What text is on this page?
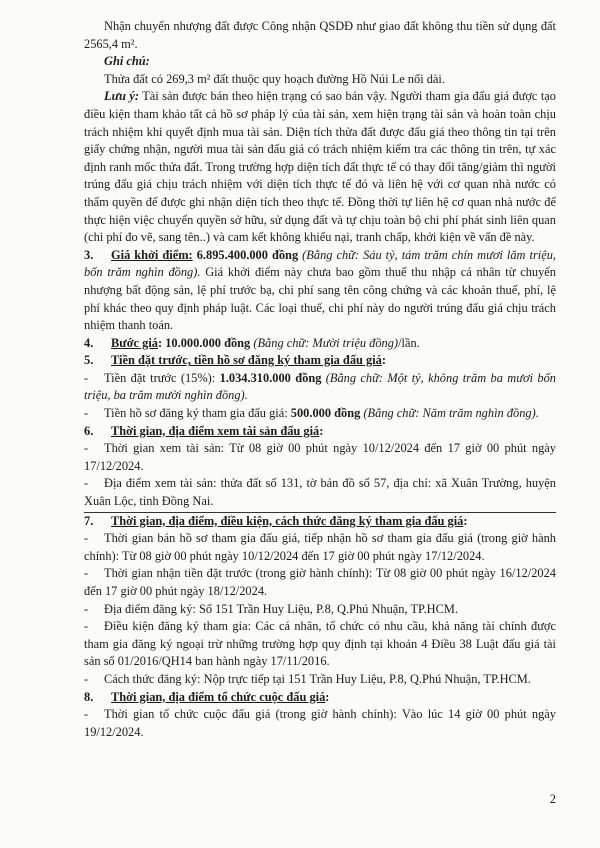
Nhận chuyển nhượng đất được Công nhận QSDĐ như giao đất không thu tiền sử dụng đất 2565,4 m².

Ghi chú:

Thửa đất có 269,3 m² đất thuộc quy hoạch đường Hồ Núi Le nối dài.

Lưu ý: Tài sản được bán theo hiện trạng có sao bán vậy. Người tham gia đấu giá được tạo điều kiện tham khảo tất cả hồ sơ pháp lý của tài sản, xem hiện trạng tài sản và hoàn toàn chịu trách nhiệm khi quyết định mua tài sản. Diện tích thửa đất được đấu giá theo thông tin tại trên giấy chứng nhận, người mua tài sản đấu giá có trách nhiệm kiểm tra các thông tin trên, tự xác định ranh mốc thửa đất. Trong trường hợp diện tích đất thực tế có thay đổi tăng/giảm thì người trúng đấu giá chịu trách nhiệm với diện tích thực tế đó và liên hệ với cơ quan nhà nước có thẩm quyền để được ghi nhận diện tích theo thực tế. Đồng thời tự liên hệ cơ quan nhà nước để thực hiện việc chuyển quyền sở hữu, sử dụng đất và tự chịu toàn bộ chi phí phát sinh liên quan (chi phí đo vẽ, sang tên..) và cam kết không khiếu nại, tranh chấp, khởi kiện về vấn đề này.

3. Giá khởi điểm: 6.895.400.000 đồng (Bằng chữ: Sáu tỷ, tám trăm chín mươi lăm triệu, bốn trăm nghìn đồng). Giá khởi điểm này chưa bao gồm thuế thu nhập cá nhân từ chuyển nhượng bất động sản, lệ phí trước bạ, chi phí sang tên công chứng và các khoản thuế, phí, lệ phí khác theo quy định pháp luật. Các loại thuế, chi phí này do người trúng đấu giá chịu trách nhiệm thanh toán.

4. Bước giá: 10.000.000 đồng (Bằng chữ: Mười triệu đồng)/lần.

5.	Tiền đặt trước, tiền hồ sơ đăng ký tham gia đấu giá :

- Tiền đặt trước (15%): 1.034.310.000 đồng (Bằng chữ: Một tỷ, không trăm ba mươi bốn triệu, ba trăm mười nghìn đồng).

- Tiền hồ sơ đăng ký tham gia đấu giá: 500.000 đồng (Bằng chữ: Năm trăm nghìn đồng).

6.	Thời gian, địa điểm xem tài sản đấu giá :

- Thời gian xem tài sản: Từ 08 giờ 00 phút ngày 10/12/2024 đến 17 giờ 00 phút ngày 17/12/2024.

- Địa điểm xem tài sản: thửa đất số 131, tờ bản đồ số 57, địa chỉ: xã Xuân Trường, huyện Xuân Lộc, tỉnh Đồng Nai.

7.	Thời gian, địa điểm, điều kiện, cách thức đăng ký tham gia đấu giá :

- Thời gian bán hồ sơ tham gia đấu giá, tiếp nhận hồ sơ tham gia đấu giá (trong giờ hành chính): Từ 08 giờ 00 phút ngày 10/12/2024 đến 17 giờ 00 phút ngày 17/12/2024.

- Thời gian nhận tiền đặt trước (trong giờ hành chính): Từ 08 giờ 00 phút ngày 16/12/2024 đến 17 giờ 00 phút ngày 18/12/2024.

- Địa điểm đăng ký: Số 151 Trần Huy Liệu, P.8, Q.Phú Nhuận, TP.HCM.

- Điều kiện đăng ký tham gia: Các cá nhân, tổ chức có nhu cầu, khả năng tài chính được tham gia đăng ký ngoại trừ những trường hợp quy định tại khoản 4 Điều 38 Luật đấu giá tài sản số 01/2016/QH14 ban hành ngày 17/11/2016.

- Cách thức đăng ký: Nộp trực tiếp tại 151 Trần Huy Liệu, P.8, Q.Phú Nhuận, TP.HCM.

8.	Thời gian, địa điểm tổ chức cuộc đấu giá :

- Thời gian tổ chức cuộc đấu giá (trong giờ hành chính): Vào lúc 14 giờ 00 phút ngày 19/12/2024.

2
